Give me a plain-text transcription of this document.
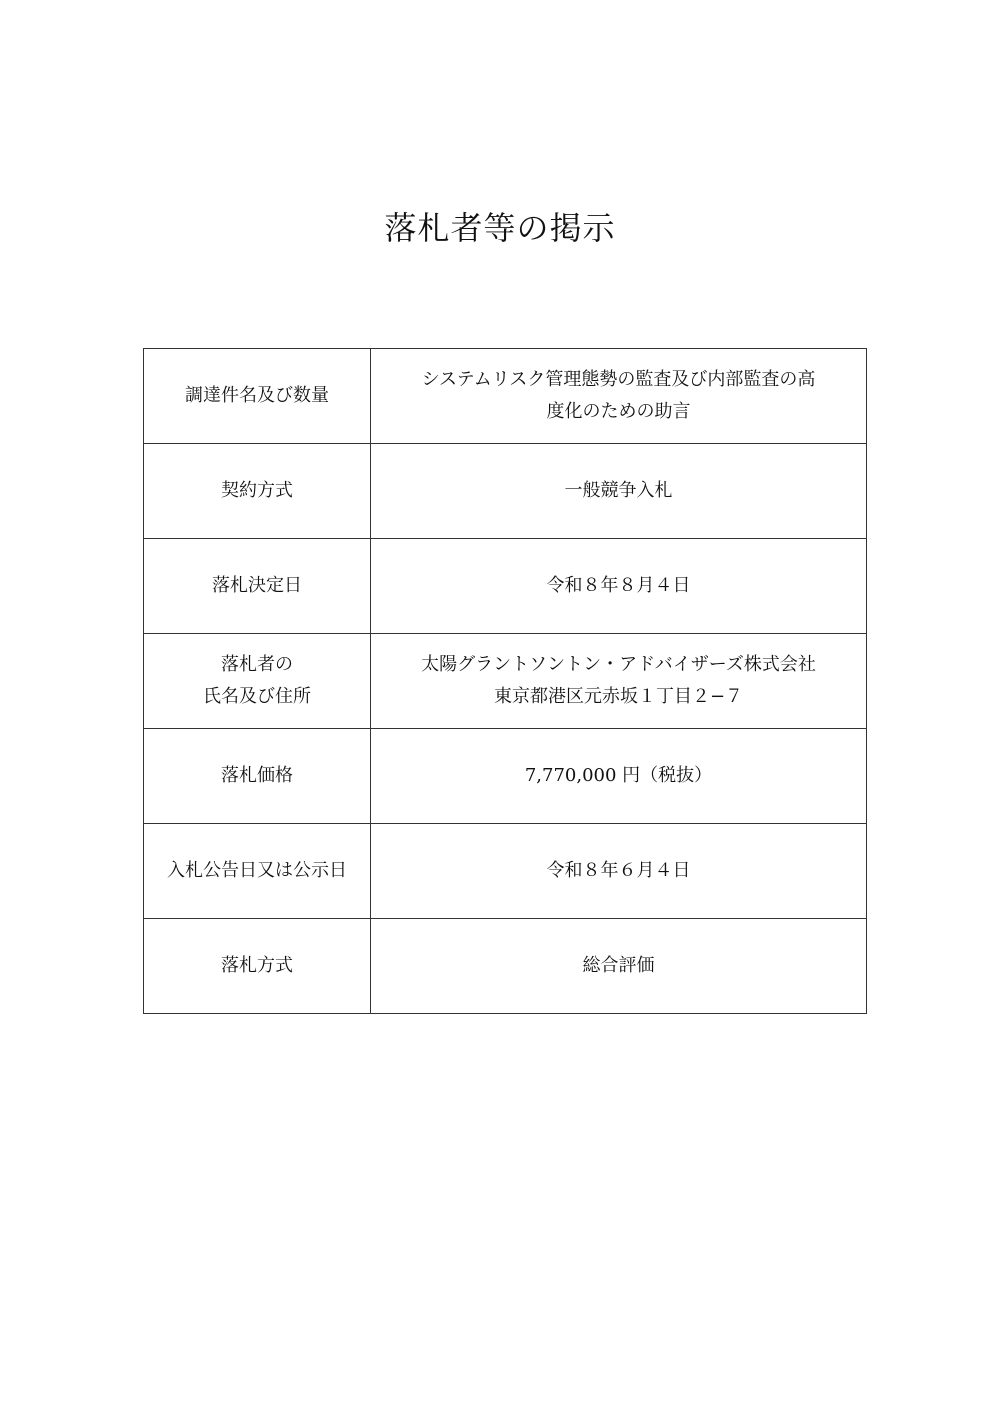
落札者等の掲示
調達件名及び数量	システムリスク管理態勢の監査及び内部監査の高
度化のための助言

契約方式	一般競争入札

落札決定日	令和８年８月４日

落札者の
氏名及び住所	太陽グラントソントン・アドバイザーズ株式会社
東京都港区元赤坂１丁目２−７

落札価格	7,770,000 円（税抜）

入札公告日又は公示日	令和８年６月４日

落札方式	総合評価
